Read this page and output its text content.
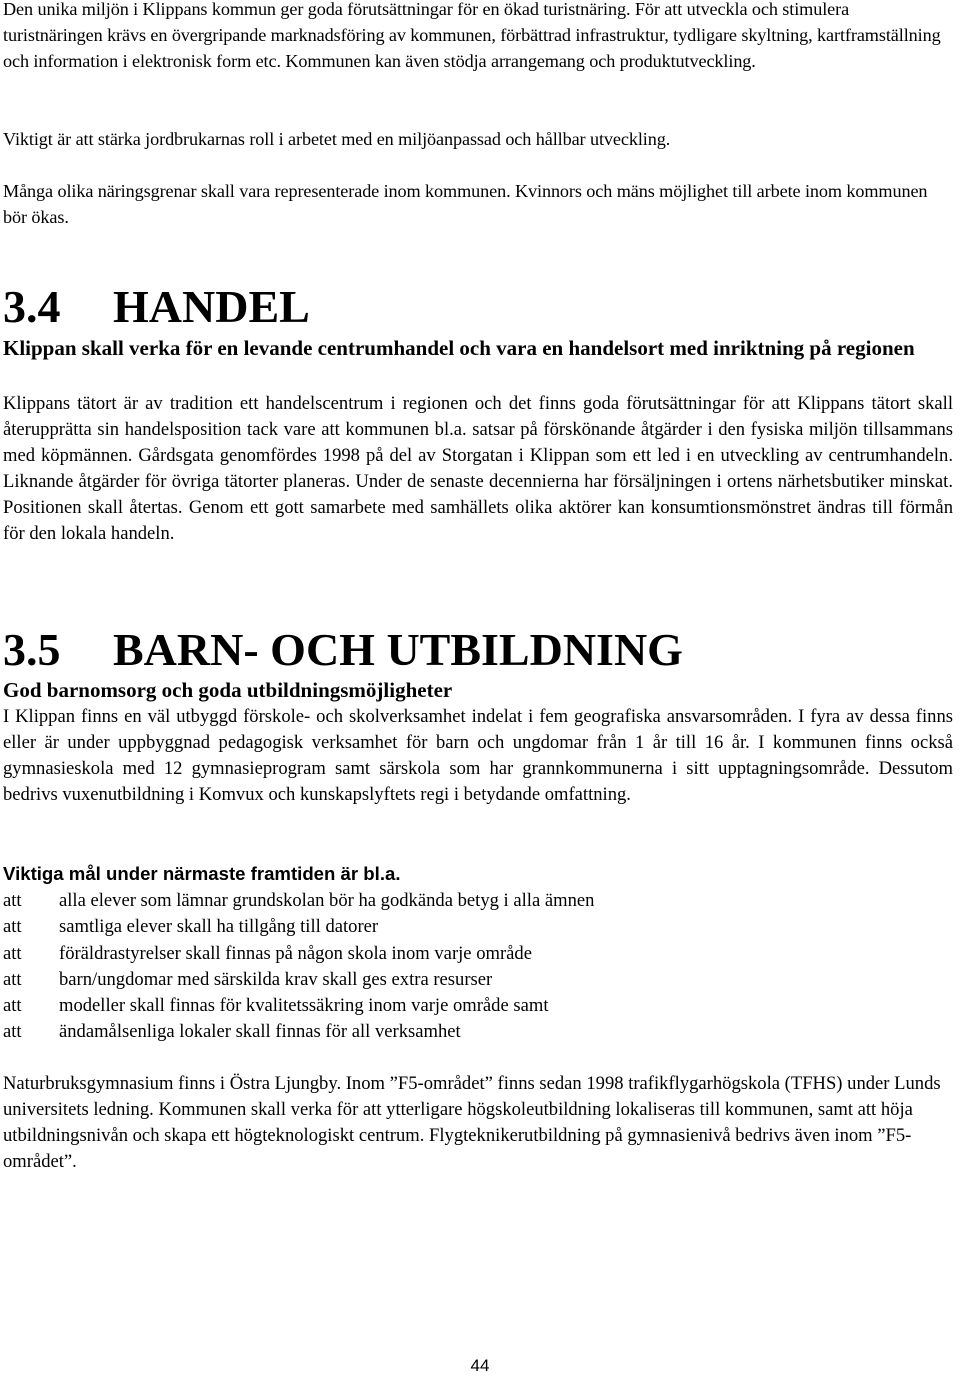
Den unika miljön i Klippans kommun ger goda förutsättningar för en ökad turistnäring. För att utveckla och stimulera turistnäringen krävs en övergripande marknadsföring av kommunen, förbättrad infrastruktur, tydligare skyltning, kartframställning och information i elektronisk form etc. Kommunen kan även stödja arrangemang och produktutveckling.

Viktigt är att stärka jordbrukarnas roll i arbetet med en miljöanpassad och hållbar utveckling.

Många olika näringsgrenar skall vara representerade inom kommunen. Kvinnors och mäns möjlighet till arbete inom kommunen bör ökas.

3.4 HANDEL
Klippan skall verka för en levande centrumhandel och vara en handelsort med inriktning på regionen

Klippans tätort är av tradition ett handelscentrum i regionen och det finns goda förutsättningar för att Klippans tätort skall återupprätta sin handelsposition tack vare att kommunen bl.a. satsar på förskönande åtgärder i den fysiska miljön tillsammans med köpmännen. Gårdsgata genomfördes 1998 på del av Storgatan i Klippan som ett led i en utveckling av centrumhandeln. Liknande åtgärder för övriga tätorter planeras. Under de senaste decennierna har försäljningen i ortens närhetsbutiker minskat. Positionen skall återtas. Genom ett gott samarbete med samhällets olika aktörer kan konsumtionsmönstret ändras till förmån för den lokala handeln.

3.5 BARN- OCH UTBILDNING
God barnomsorg och goda utbildningsmöjligheter

I Klippan finns en väl utbyggd förskole- och skolverksamhet indelat i fem geografiska ansvarsområden. I fyra av dessa finns eller är under uppbyggnad pedagogisk verksamhet för barn och ungdomar från 1 år till 16 år. I kommunen finns också gymnasieskola med 12 gymnasieprogram samt särskola som har grannkommunerna i sitt upptagningsområde. Dessutom bedrivs vuxenutbildning i Komvux och kunskapslyftets regi i betydande omfattning.

Viktiga mål under närmaste framtiden är bl.a.
att	alla elever som lämnar grundskolan bör ha godkända betyg i alla ämnen
att	samtliga elever skall ha tillgång till datorer
att	föräldrastyrelser skall finnas på någon skola inom varje område
att	barn/ungdomar med särskilda krav skall ges extra resurser
att	modeller skall finnas för kvalitetssäkring inom varje område samt
att	ändamålsenliga lokaler skall finnas för all verksamhet

Naturbruksgymnasium finns i Östra Ljungby. Inom ”F5-området” finns sedan 1998 trafikflygarhögskola (TFHS) under Lunds universitets ledning. Kommunen skall verka för att ytterligare högskoleutbildning lokaliseras till kommunen, samt att höja utbildningsnivån och skapa ett högteknologiskt centrum. Flygteknikerutbildning på gymnasienivå bedrivs även inom ”F5-området”.

44
